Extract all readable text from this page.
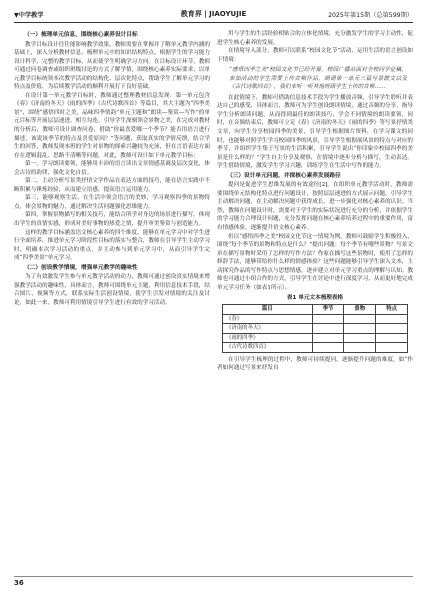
▼中学教学	教育界 | JIAOYUJIE	2025年第15期（总第599期）

（一）梳理单元信息，围绕核心素养设计目标

教学目标设计往往能影响教学效果，教师需要在掌握并了解单元教学内涵的基础上，深入分析教材信息，梳理单元中的知识结构特点，根据学生的学习能力设计科学、完整的教学目标，从而使学生明确学习方向。在目标设计环节，教师可通过问卷调查或组织班级讨论的方式了解学情，围绕核心素养实际要求，以单元教学目标统领本次教学活动的结构化、层次化特点，帮助学生了解单元学习的特点及价值，为后续教学活动的顺利开展打下良好基础。

在设计第一单元教学目标时，教师通过整理教材信息发现：第一单元包含《春》《济南的冬天》《雨的四季》《古代诗歌四首》等篇目，其大主题为“四季美景”，围绕“感悟四时之美，品味四季情韵”单元主题和“朗读—鉴赏—写作”的单元目标等开展层层递进、相互勾连，引导学生深刻领会景物之美，在完成对教材的分析后，教师可设计调查问卷，借助“你最喜爱哪一个季节？能否用语言进行描述，该说该季节的特点及喜爱原因？”等问题，获取真实的学情反馈，结合学生的回答，教师发现本班的学生对景物的探索兴趣较为充沛，但在言语表达方面存在逻辑混乱、思路不清晰等问题。对此，教师可设计如下单元教学目标：

第一，学习朗读要领，能够用丰沛的语言读出文章情感基调及层次变化，体会古诗的韵律，强化文化自信。

第二，主动分析写景类抒情文学作品在表达方面的技巧，能在语言实践中不断积累与锤炼经验，从而建立语感，提高语言运用能力。

第三，能够观察生活，在生活中领会语言的美妙，学习观察四季的景物特点，体会景物的魅力，通过解决生活问题强化思维能力。

第四，掌握景物描写的相关技巧，能结合所学对身边的场景进行描写，体现出学生的真情实感，形成对美好事物的热爱之情，提升审美鉴赏与创造能力。

这样的教学目标涵盖语文核心素养的四个维度，能够在单元学习中对学生进行全面培养，推进单元学习阶段性目标的落实与整合，教师在引导学生主动学习时，明确本次学习活动的重点，并主动参与到单元学习中，从而引导学生完成“四季美景”单元学习。

（二）创设教学情境，增强单元教学的趣味性

为了有效激发学生参与单元教学活动的动力，教师可通过创设真实情境来增强教学活动的趣味性，具体而言，教师可围绕单元主题，利用信息技术手段，结合图片、视频等方式，联系实际生活创设情境，使学生引发对情境的关注及讨论，如此一来，教师可利用情境引导学生进行有效的学习活动。

用与学生的生活经验相贴合的立体化情境，充分激发学生的学习主动性，促进学生核心素养的发展。

在情境导入部分，教师可以联系“校园文化节”活动，运用生活的语言创设如下情境：

“感悟四季之美”校园文化节已经开幕，校园广播站面对全校同学征稿，参加活动的学生需要上传音频作品，朗诵第一单元三篇写景散文以及《古代诗歌四首》，我们来听一听其他班级学生上传的音频……

在此情境下，教师可借助信息技术手段为学生播放音频，引导学生聆听并表达自己的感受，具体而言，教师可为学生创设朗读情境，通过音频的分享，指导学生分析朗读问题，从而得到最佳的朗读技巧，学会不同情境的朗读要领，同时，在音频结束后，教师可立足《春》《济南的冬天》《雨的四季》等写景抒情类文章，向学生分享校园四季的美景，引导学生根据图片资料，在学习课文的同时，也能够对照学生学习校园四季的风景，引导学生根据展风景的特点与对应的季节，并组织学生集于写景的生活积累，引导学生说出“你印象中校园四季的美景是什么样的？”学生自主分享及观察，在情境中逐步分析与描写，生动表达。学生借助情境，激发学生学习兴趣，训练学生在生活中写作的能力。

（三）设计单元问题，并探核心素养发展路径

提问是促进学生思维发展的有效途径[2]。在组织单元教学活动时，教师需要围绕单元结构化特点进行问题设计，按照层层递进的方式展示问题，引导学生主动解决问题，在主动解决问题中获得成长，进一步强化对核心素养的认识。当然，教师在问题设计时，需要对于学生的实际状况进行充分的分析，并依据学生的学习能力合理设计问题，充分发挥问题在核心素养培养过程中的重要作用，富有情感体验，逐渐提升语文核心素养。

仍以“感悟四季之美”校园文化节这一情境为例，教师可鼓励学生积极投入，围绕“每个季节的景物和特点是什么？”提出问题：每个季节有哪些景物？写景文章在描写景物时采用了怎样的写作方法？作家在描写这些景物时，使用了怎样的修辞手法，能够带给你什么样的情感体验？这些问题能够引导学生深入文本，主动探究作品的写作特点与思想情感，逐步建立对单元学习重点的理解与认知。教师也可通过小组合作的方式，引导学生在讨论中进行深度学习，从而更好地完成单元学习任务（如表1所示）。

表1 单元文本梳理表格

篇目	季节	景物	特点
《春》			
《济南的冬天》			
《雨的四季》			
《古代诗歌四首》			

在引导学生梳理的过程中，教师可持续提问，逐渐提升问题的难度，如“作者如何通过写景来抒发自

36
